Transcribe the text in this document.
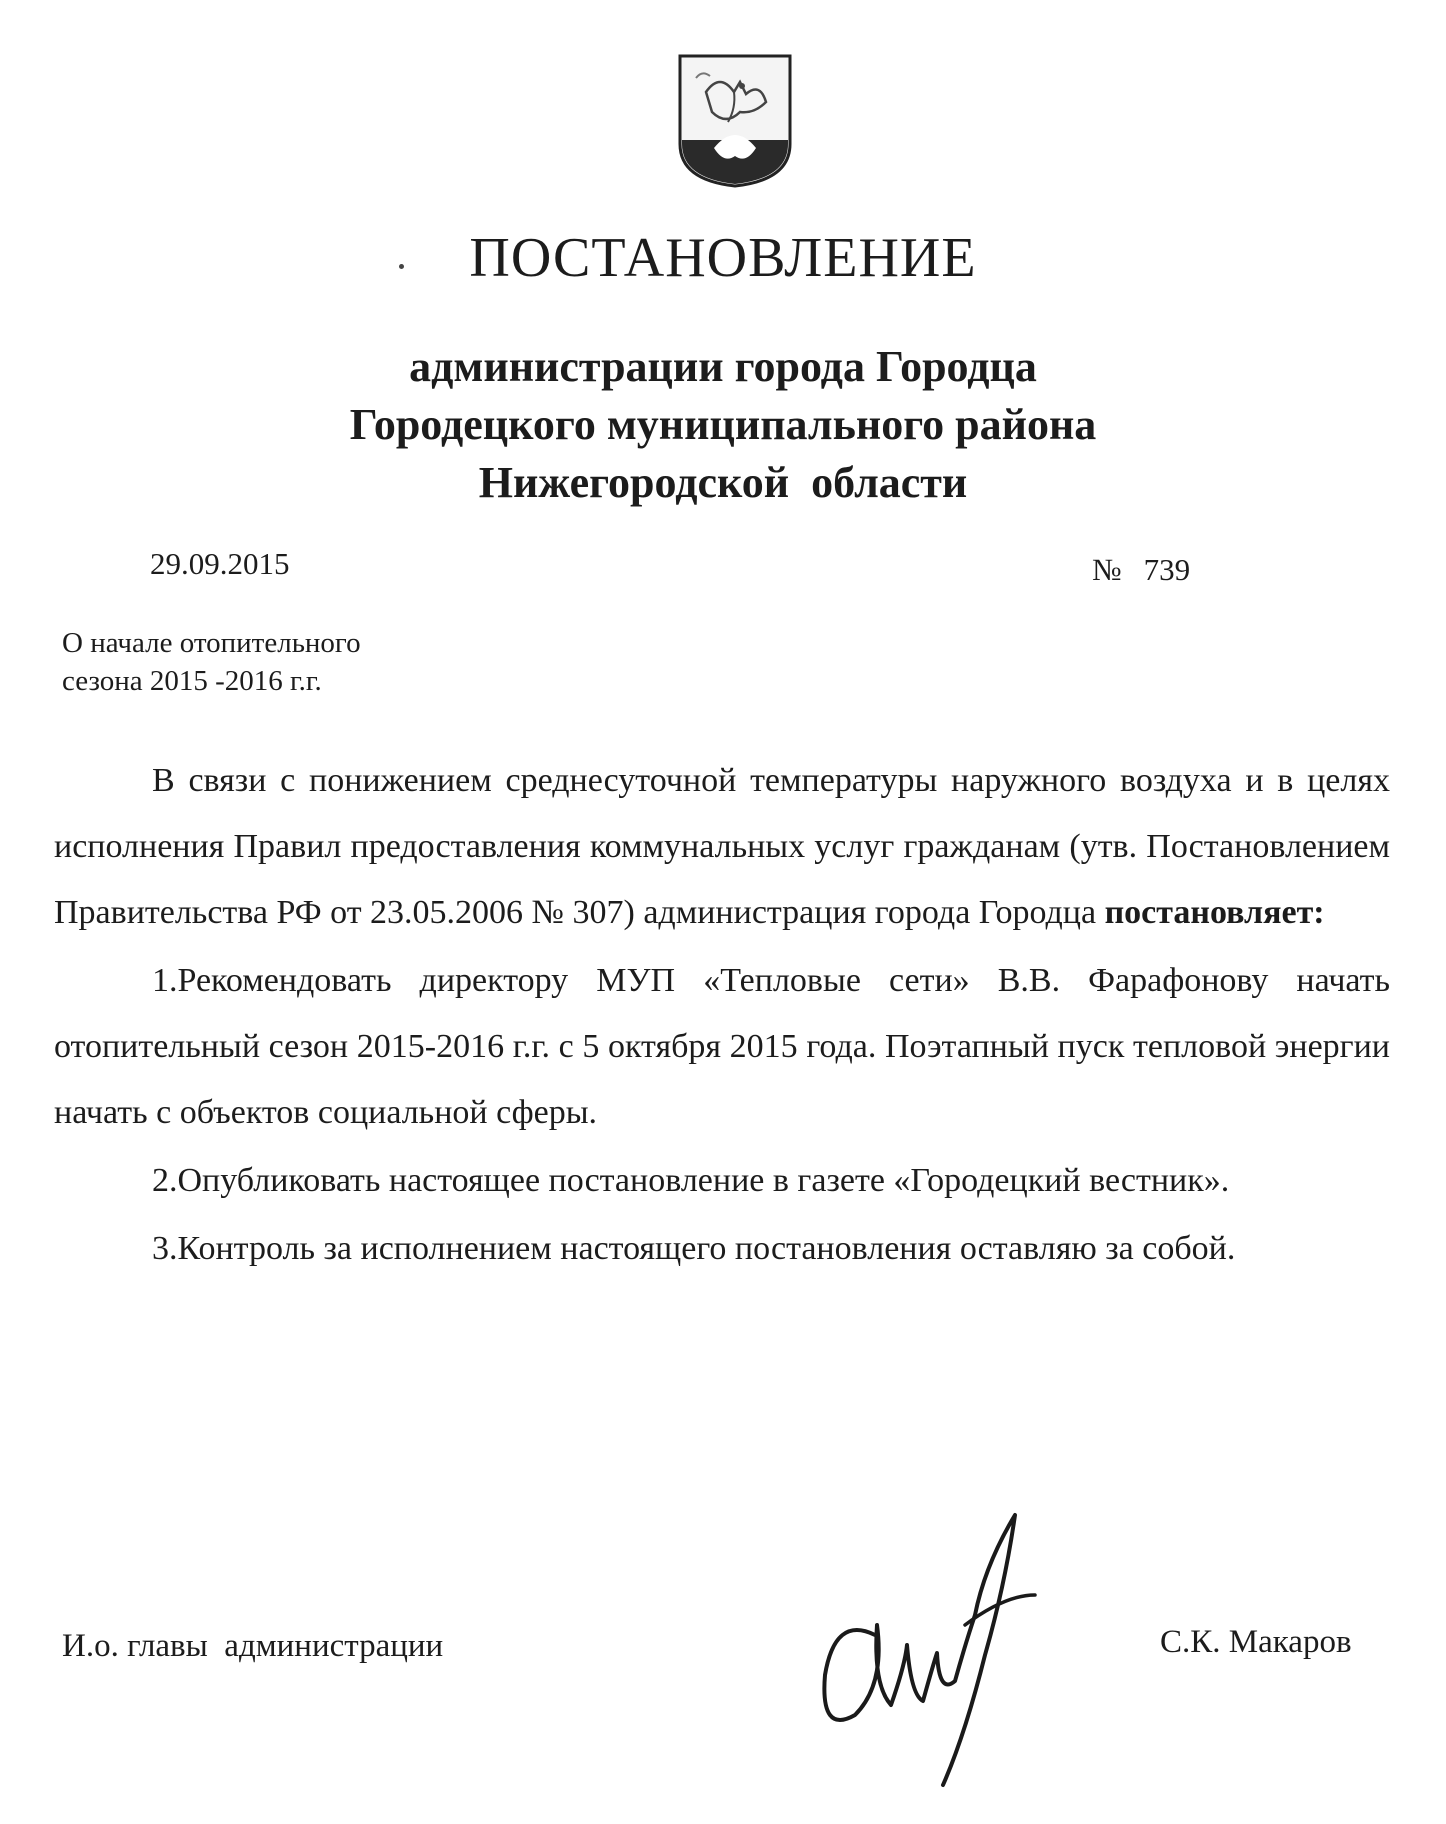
ПОСТАНОВЛЕНИЕ
администрации города Городца
Городецкого муниципального района
Нижегородской  области
29.09.2015	№ 739
О начале отопительного
сезона 2015 -2016 г.г.

В связи с понижением среднесуточной температуры наружного воздуха и в целях исполнения Правил предоставления коммунальных услуг гражданам (утв. Постановлением Правительства РФ от 23.05.2006 № 307) администрация города Городца постановляет:

1.Рекомендовать директору МУП «Тепловые сети» В.В. Фарафонову начать отопительный сезон 2015-2016 г.г. с 5 октября 2015 года. Поэтапный пуск тепловой энергии начать с объектов социальной сферы.

2.Опубликовать настоящее постановление в газете «Городецкий вестник».

3.Контроль за исполнением настоящего постановления оставляю за собой.

И.о. главы  администрации	С.К. Макаров
